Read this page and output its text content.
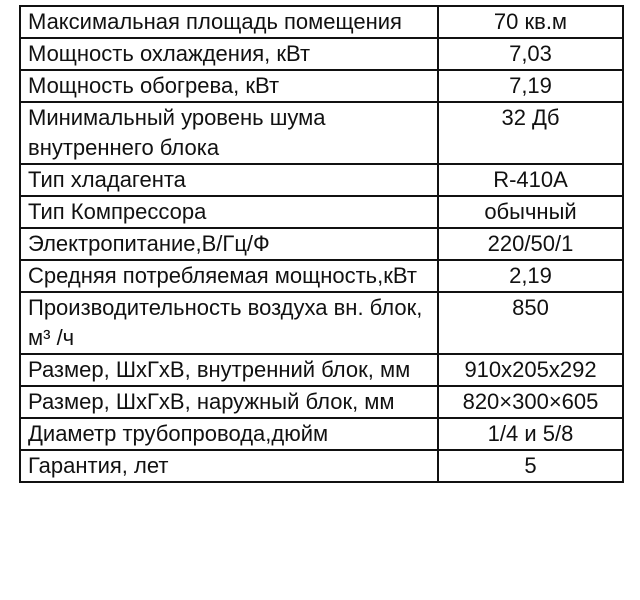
Максимальная площадь помещения	70 кв.м
Мощность охлаждения, кВт	7,03
Мощность обогрева, кВт	7,19
Минимальный уровень шума внутреннего блока	32 Дб
Тип хладагента	R-410A
Тип Компрессора	обычный
Электропитание,В/Гц/Ф	220/50/1
Средняя потребляемая мощность,кВт	2,19
Производительность воздуха вн. блок, м³ /ч	850
Размер, ШхГхВ, внутренний блок, мм	910х205х292
Размер, ШхГхВ, наружный блок, мм	820×300×605
Диаметр трубопровода,дюйм	1/4 и 5/8
Гарантия, лет	5
